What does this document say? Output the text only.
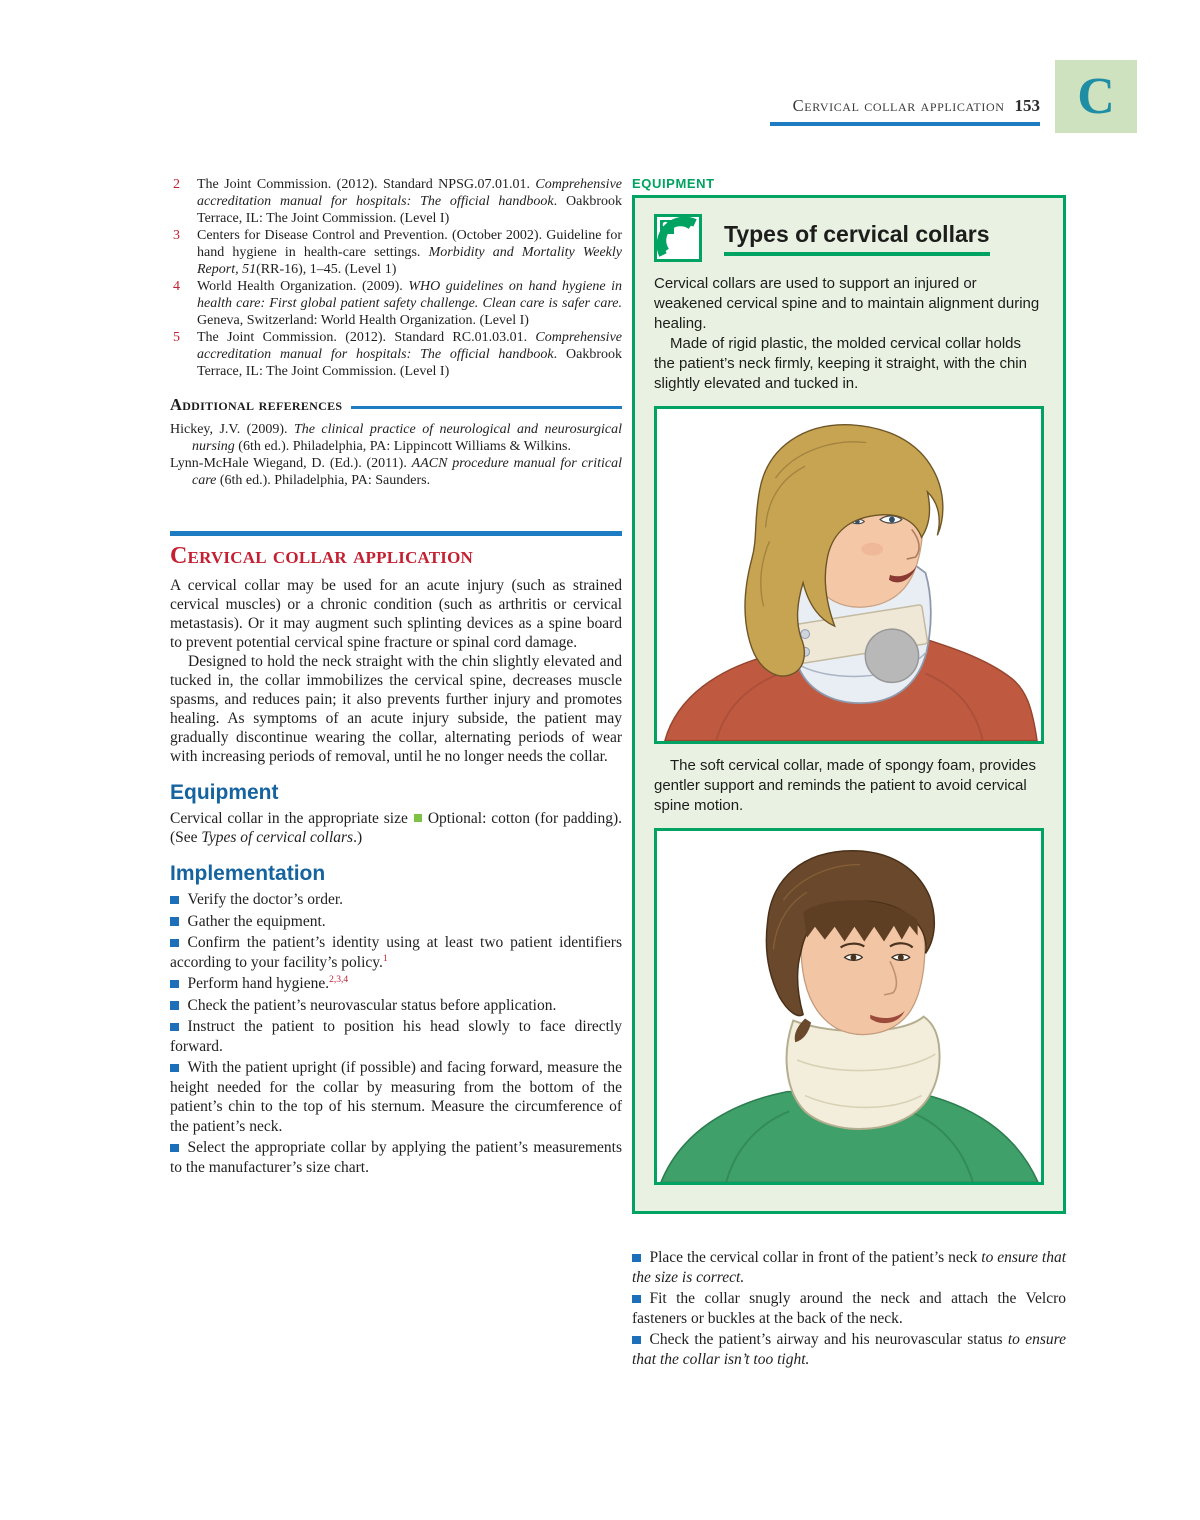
Cervical collar application 153 C
2 The Joint Commission. (2012). Standard NPSG.07.01.01. Comprehensive accreditation manual for hospitals: The official handbook. Oakbrook Terrace, IL: The Joint Commission. (Level I)
3 Centers for Disease Control and Prevention. (October 2002). Guideline for hand hygiene in health-care settings. Morbidity and Mortality Weekly Report, 51(RR-16), 1–45. (Level 1)
4 World Health Organization. (2009). WHO guidelines on hand hygiene in health care: First global patient safety challenge. Clean care is safer care. Geneva, Switzerland: World Health Organization. (Level I)
5 The Joint Commission. (2012). Standard RC.01.03.01. Comprehensive accreditation manual for hospitals: The official handbook. Oakbrook Terrace, IL: The Joint Commission. (Level I)
Additional references
Hickey, J.V. (2009). The clinical practice of neurological and neurosurgical nursing (6th ed.). Philadelphia, PA: Lippincott Williams & Wilkins.
Lynn-McHale Wiegand, D. (Ed.). (2011). AACN procedure manual for critical care (6th ed.). Philadelphia, PA: Saunders.
Cervical collar application

A cervical collar may be used for an acute injury (such as strained cervical muscles) or a chronic condition (such as arthritis or cervical metastasis). Or it may augment such splinting devices as a spine board to prevent potential cervical spine fracture or spinal cord damage.

Designed to hold the neck straight with the chin slightly elevated and tucked in, the collar immobilizes the cervical spine, decreases muscle spasms, and reduces pain; it also prevents further injury and promotes healing. As symptoms of an acute injury subside, the patient may gradually discontinue wearing the collar, alternating periods of wear with increasing periods of removal, until he no longer needs the collar.

Equipment

Cervical collar in the appropriate size Optional: cotton (for padding). (See Types of cervical collars.)

Implementation
Verify the doctor’s order.
Gather the equipment.
Confirm the patient’s identity using at least two patient identifiers according to your facility’s policy.$^1$
Perform hand hygiene.$^{2,3,4}$
Check the patient’s neurovascular status before application.
Instruct the patient to position his head slowly to face directly forward.
With the patient upright (if possible) and facing forward, measure the height needed for the collar by measuring from the bottom of the patient’s chin to the top of his sternum. Measure the circumference of the patient’s neck.
Select the appropriate collar by applying the patient’s measurements to the manufacturer’s size chart.
EQUIPMENT
Types of cervical collars

Cervical collars are used to support an injured or weakened cervical spine and to maintain alignment during healing.

Made of rigid plastic, the molded cervical collar holds the patient’s neck firmly, keeping it straight, with the chin slightly elevated and tucked in.

The soft cervical collar, made of spongy foam, provides gentler support and reminds the patient to avoid cervical spine motion.

Place the cervical collar in front of the patient’s neck to ensure that the size is correct.
Fit the collar snugly around the neck and attach the Velcro fasteners or buckles at the back of the neck.
Check the patient’s airway and his neurovascular status to ensure that the collar isn’t too tight.
